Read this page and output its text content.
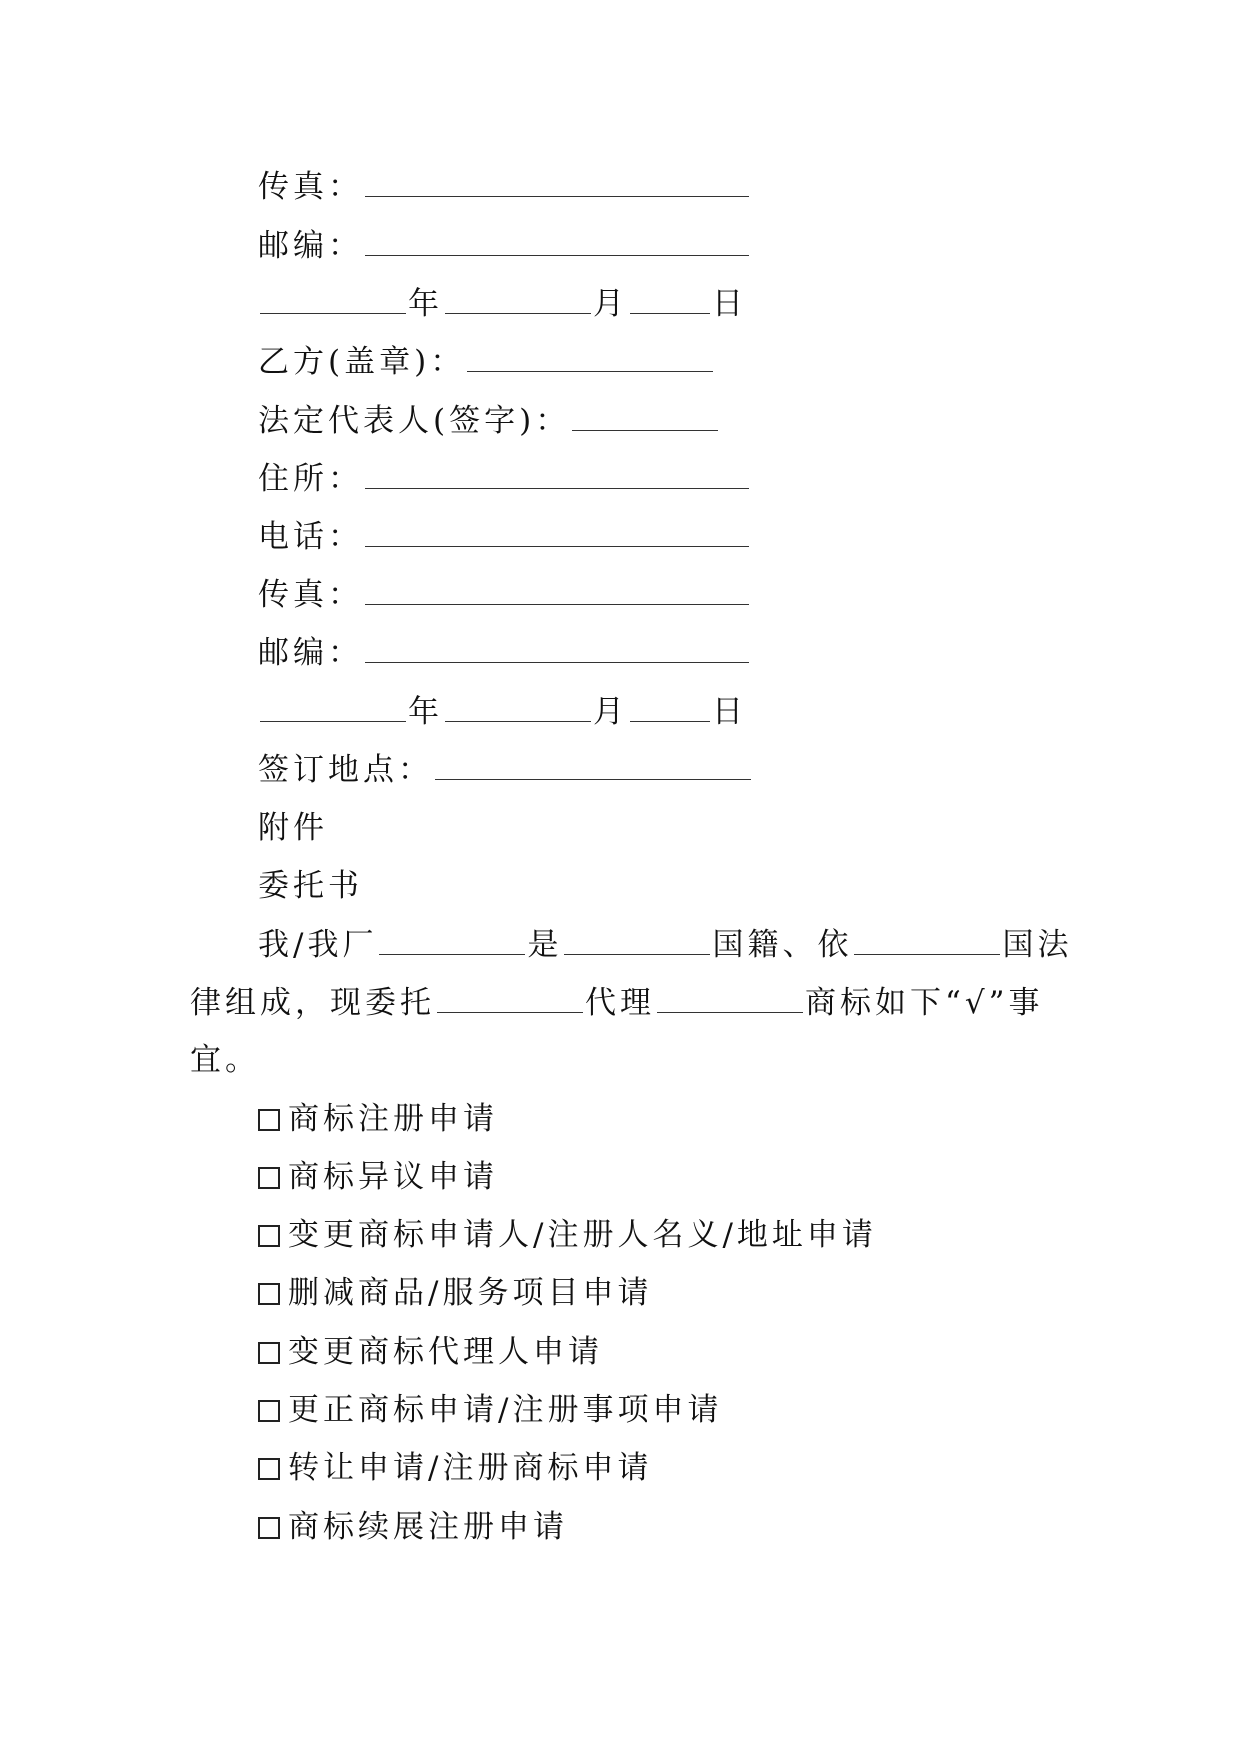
传真：
邮编：
年	月	日
乙方(盖章)：
法定代表人(签字)：
住所：
电话：
传真：
邮编：
年	月	日
签订地点：
附件
委托书
我/我厂	是	国籍、依	国法
律组成，现委托	代理	商标如下“√”事
宜。
商标注册申请
商标异议申请
变更商标申请人/注册人名义/地址申请
删减商品/服务项目申请
变更商标代理人申请
更正商标申请/注册事项申请
转让申请/注册商标申请
商标续展注册申请
